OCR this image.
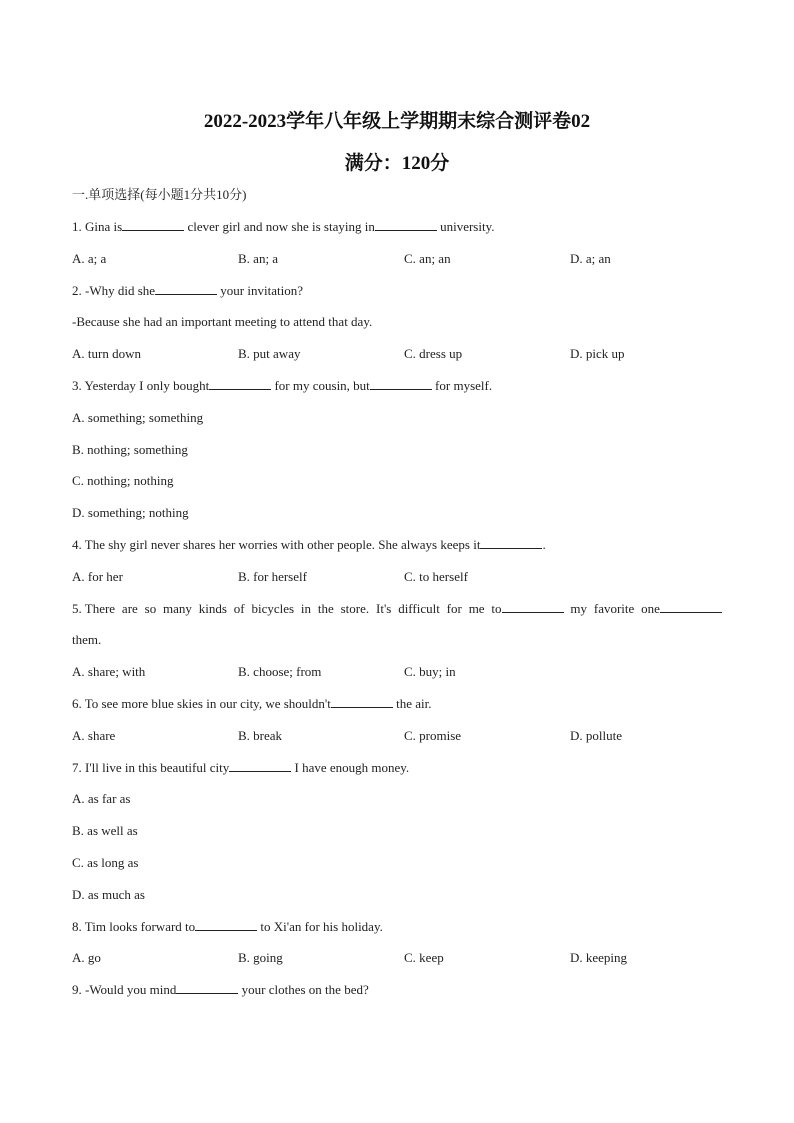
2022-2023学年八年级上学期期末综合测评卷02
满分：120分
一.单项选择(每小题1分共10分)
1. Gina is	clever girl and now she is staying in	university.
A. a; a	B. an; a	C. an; an	D. a; an
2. -Why did she	your invitation?
-Because she had an important meeting to attend that day.
A. turn down	B. put away	C. dress up	D. pick up
3. Yesterday I only bought	for my cousin, but	for myself.
A. something; something
B. nothing; something
C. nothing; nothing
D. something; nothing
4. The shy girl never shares her worries with other people. She always keeps it	.
A. for her	B. for herself	C. to herself
5. There are so many kinds of bicycles in the store. It's difficult for me to	my favorite one
them.
A. share; with	B. choose; from	C. buy; in
6. To see more blue skies in our city, we shouldn't	the air.
A. share	B. break	C. promise	D. pollute
7. I'll live in this beautiful city	I have enough money.
A. as far as
B. as well as
C. as long as
D. as much as
8. Tim looks forward to	to Xi'an for his holiday.
A. go	B. going	C. keep	D. keeping
9. -Would you mind	your clothes on the bed?
